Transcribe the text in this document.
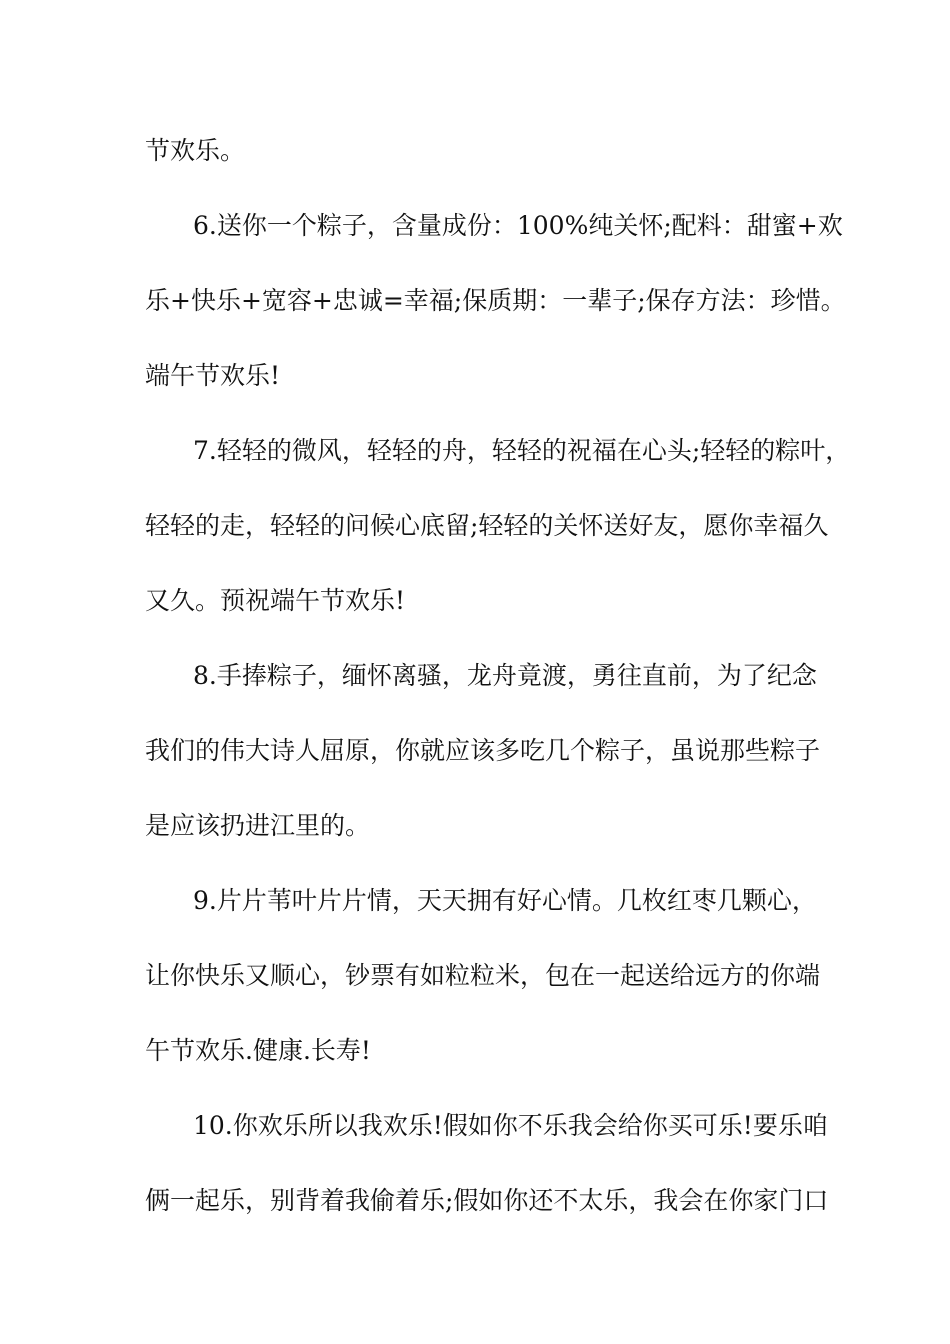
节欢乐。
6.送你一个粽子，含量成份：100%纯关怀;配料：甜蜜+欢
乐+快乐+宽容+忠诚=幸福;保质期：一辈子;保存方法：珍惜。
端午节欢乐!
7.轻轻的微风，轻轻的舟，轻轻的祝福在心头;轻轻的粽叶，
轻轻的走，轻轻的问候心底留;轻轻的关怀送好友，愿你幸福久
又久。预祝端午节欢乐!
8.手捧粽子，缅怀离骚，龙舟竟渡，勇往直前，为了纪念
我们的伟大诗人屈原，你就应该多吃几个粽子，虽说那些粽子
是应该扔进江里的。
9.片片苇叶片片情，天天拥有好心情。几枚红枣几颗心，
让你快乐又顺心，钞票有如粒粒米，包在一起送给远方的你端
午节欢乐.健康.长寿!
10.你欢乐所以我欢乐!假如你不乐我会给你买可乐!要乐咱
俩一起乐，别背着我偷着乐;假如你还不太乐，我会在你家门口
